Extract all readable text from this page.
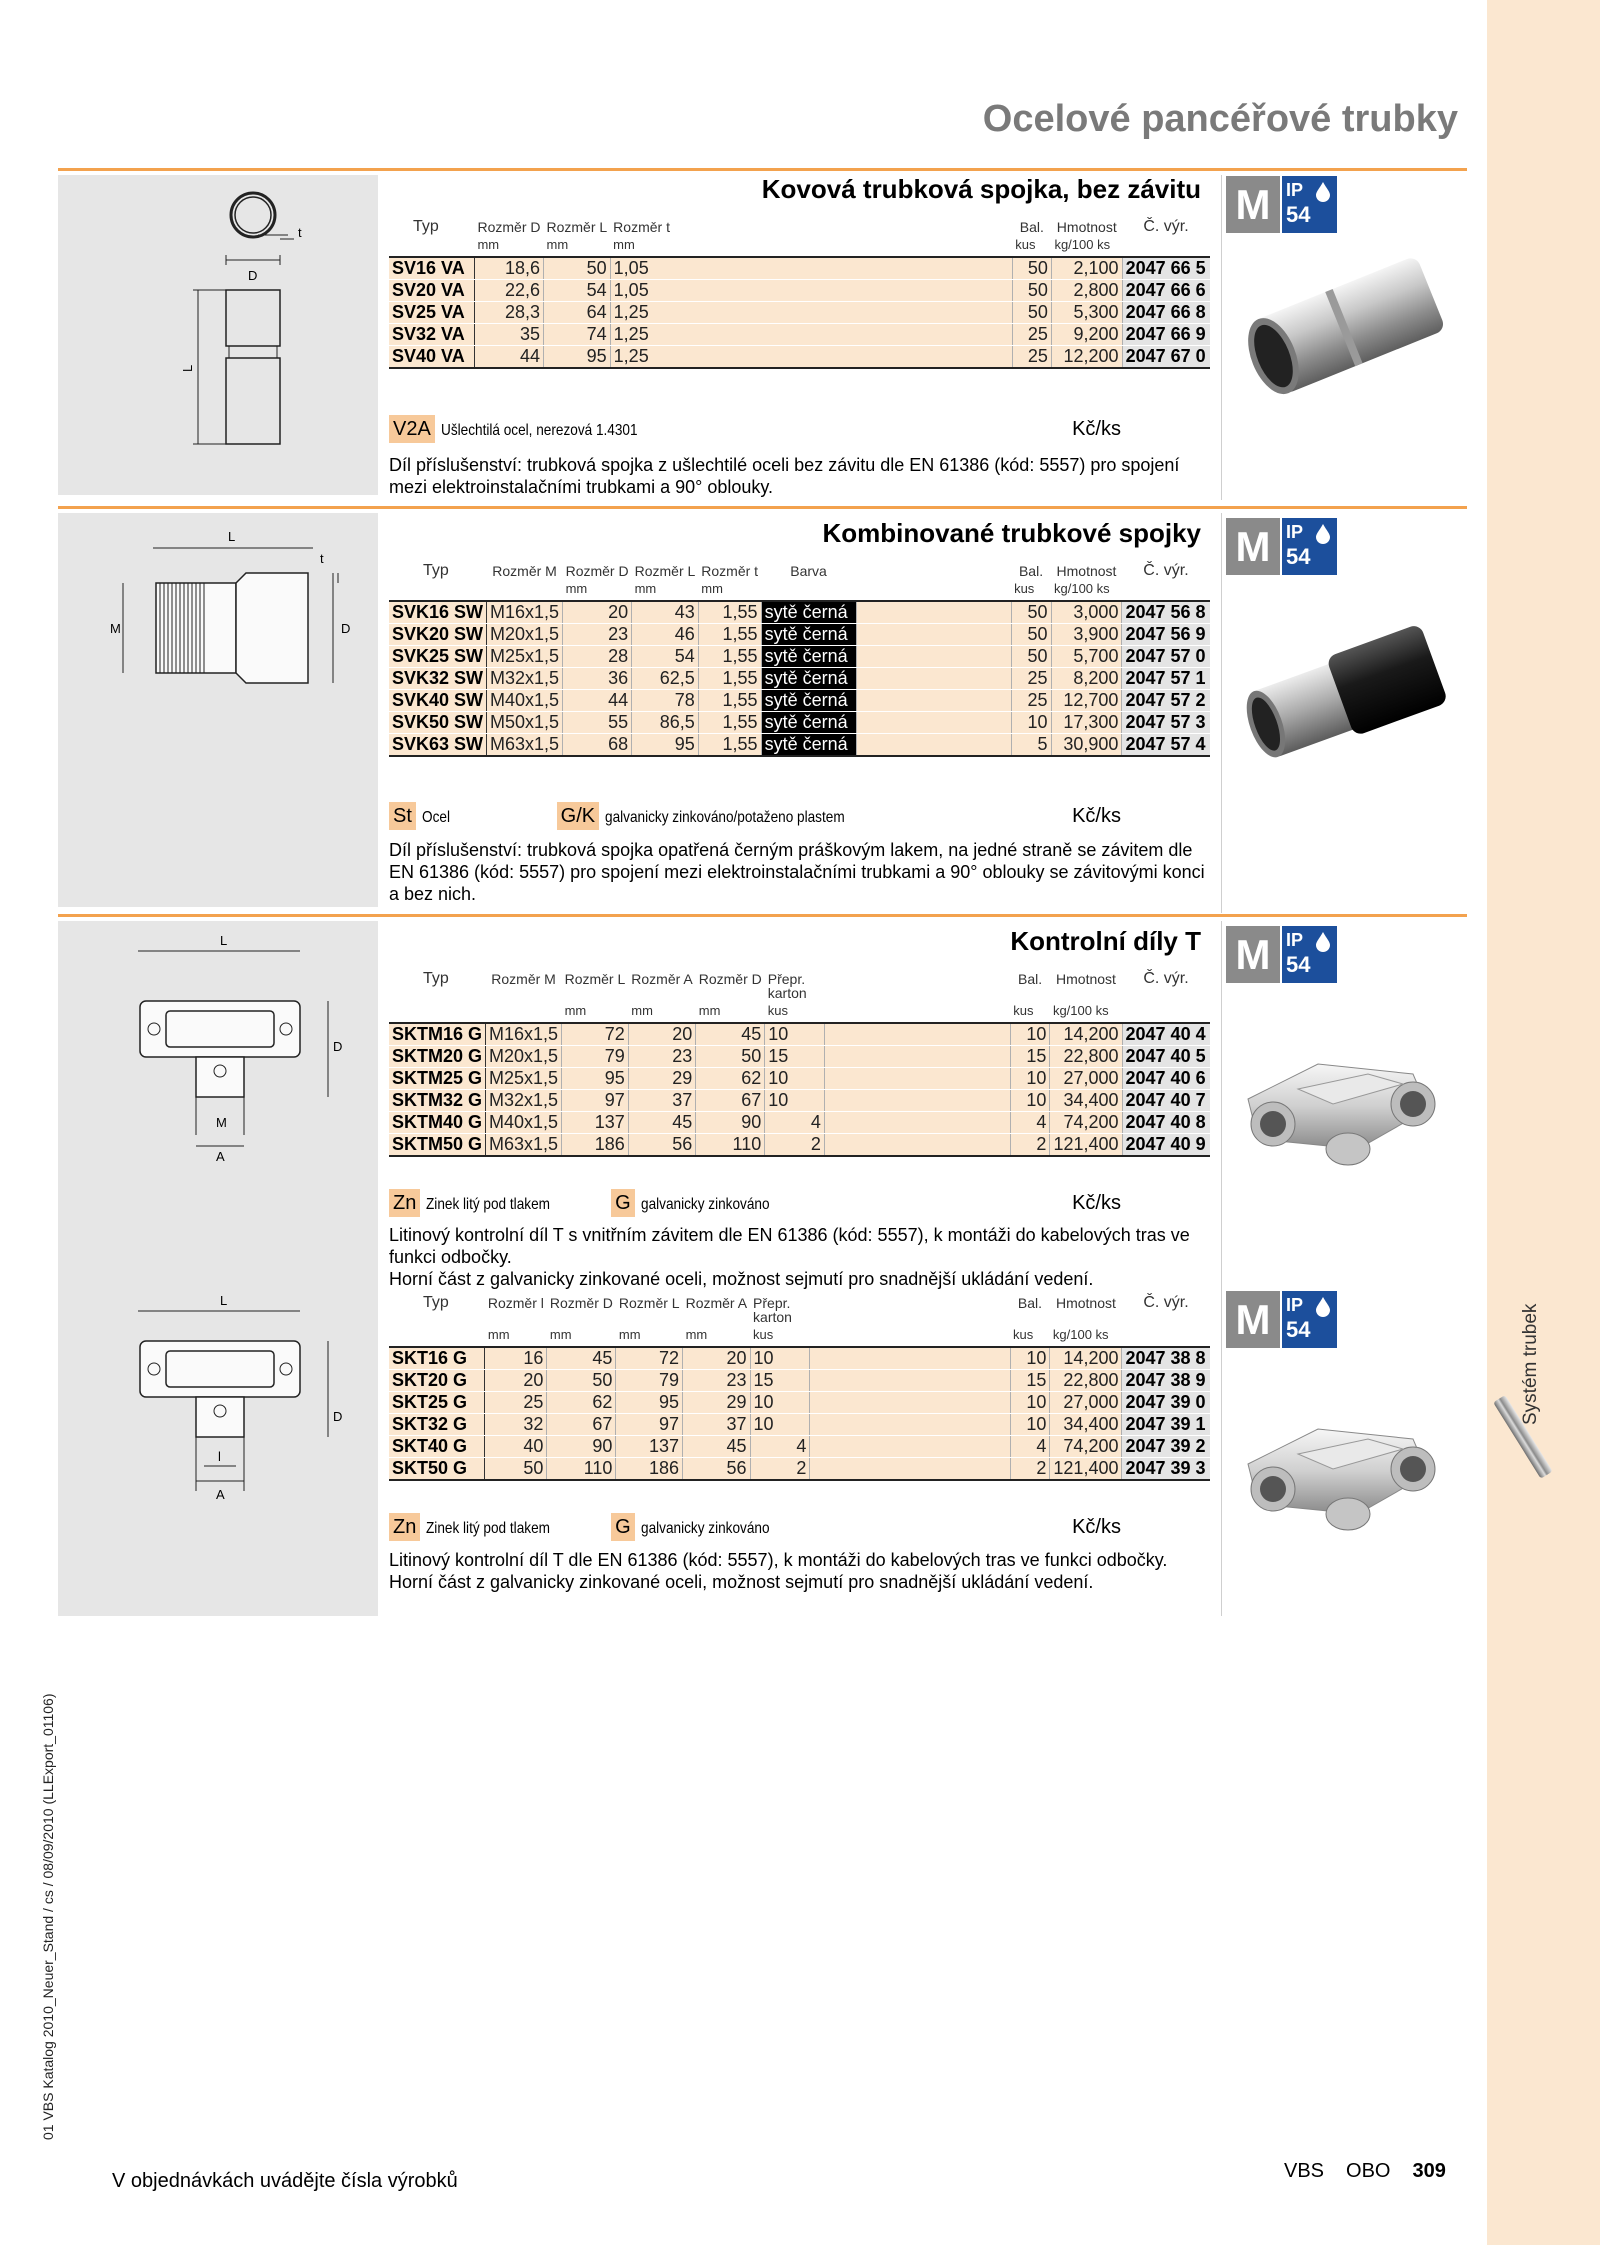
Systém trubek
01 VBS Katalog 2010_Neuer_Stand / cs / 08/09/2010 (LLExport_01106)
Ocelové pancéřové trubky
t
D
L
Kovová trubková spojka, bez závitu M IP
54
Typ	Rozměr D	Rozměr L	Rozměr t	Bal.	Hmotnost	Č. výr.
	mm	mm	mm	kus	kg/100 ks	
SV16 VA	18,6	50	1,05	50	2,100	2047 66 5
SV20 VA	22,6	54	1,05	50	2,800	2047 66 6
SV25 VA	28,3	64	1,25	50	5,300	2047 66 8
SV32 VA	35	74	1,25	25	9,200	2047 66 9
SV40 VA	44	95	1,25	25	12,200	2047 67 0
V2A Ušlechtilá ocel, nerezová 1.4301	Kč/ks

Díl příslušenství: trubková spojka z ušlechtilé oceli bez závitu dle EN 61386 (kód: 5557) pro spojení mezi elektroinstalačními trubkami a 90° oblouky.

L
D
t
M
Kombinované trubkové spojky M IP
54
Typ	Rozměr M	Rozměr D	Rozměr L	Rozměr t	Barva		Bal.	Hmotnost	Č. výr.
		mm	mm	mm			kus	kg/100 ks	
SVK16 SW	M16x1,5	20	43	1,55	sytě černá		50	3,000	2047 56 8
SVK20 SW	M20x1,5	23	46	1,55	sytě černá		50	3,900	2047 56 9
SVK25 SW	M25x1,5	28	54	1,55	sytě černá		50	5,700	2047 57 0
SVK32 SW	M32x1,5	36	62,5	1,55	sytě černá		25	8,200	2047 57 1
SVK40 SW	M40x1,5	44	78	1,55	sytě černá		25	12,700	2047 57 2
SVK50 SW	M50x1,5	55	86,5	1,55	sytě černá		10	17,300	2047 57 3
SVK63 SW	M63x1,5	68	95	1,55	sytě černá		5	30,900	2047 57 4
St Ocel	G/K galvanicky zinkováno/potaženo plastem	Kč/ks

Díl příslušenství: trubková spojka opatřená černým práškovým lakem, na jedné straně se závitem dle EN 61386 (kód: 5557) pro spojení mezi elektroinstalačními trubkami a 90° oblouky se závitovými konci a bez nich.

L
D
M
A
L
D
l
A
Kontrolní díly T M IP
54
M IP
54
Typ	Rozměr M	Rozměr L	Rozměr A	Rozměr D	Přepr. karton		Bal.	Hmotnost	Č. výr.
		mm	mm	mm	kus		kus	kg/100 ks	
SKTM16 G	M16x1,5	72	20	45	10		10	14,200	2047 40 4
SKTM20 G	M20x1,5	79	23	50	15		15	22,800	2047 40 5
SKTM25 G	M25x1,5	95	29	62	10		10	27,000	2047 40 6
SKTM32 G	M32x1,5	97	37	67	10		10	34,400	2047 40 7
SKTM40 G	M40x1,5	137	45	90	4		4	74,200	2047 40 8
SKTM50 G	M63x1,5	186	56	110	2		2	121,400	2047 40 9
Zn Zinek litý pod tlakem	G galvanicky zinkováno	Kč/ks

Litinový kontrolní díl T s vnitřním závitem dle EN 61386 (kód: 5557), k montáži do kabelových tras ve funkci odbočky.

Horní část z galvanicky zinkované oceli, možnost sejmutí pro snadnější ukládání vedení.

Typ	Rozměr l	Rozměr D	Rozměr L	Rozměr A	Přepr. karton		Bal.	Hmotnost	Č. výr.
	mm	mm	mm	mm	kus		kus	kg/100 ks	
SKT16 G	16	45	72	20	10		10	14,200	2047 38 8
SKT20 G	20	50	79	23	15		15	22,800	2047 38 9
SKT25 G	25	62	95	29	10		10	27,000	2047 39 0
SKT32 G	32	67	97	37	10		10	34,400	2047 39 1
SKT40 G	40	90	137	45	4		4	74,200	2047 39 2
SKT50 G	50	110	186	56	2		2	121,400	2047 39 3
Zn Zinek litý pod tlakem	G galvanicky zinkováno	Kč/ks

Litinový kontrolní díl T dle EN 61386 (kód: 5557), k montáži do kabelových tras ve funkci odbočky.

Horní část z galvanicky zinkované oceli, možnost sejmutí pro snadnější ukládání vedení.

V objednávkách uvádějte čísla výrobků	VBS OBO 309
